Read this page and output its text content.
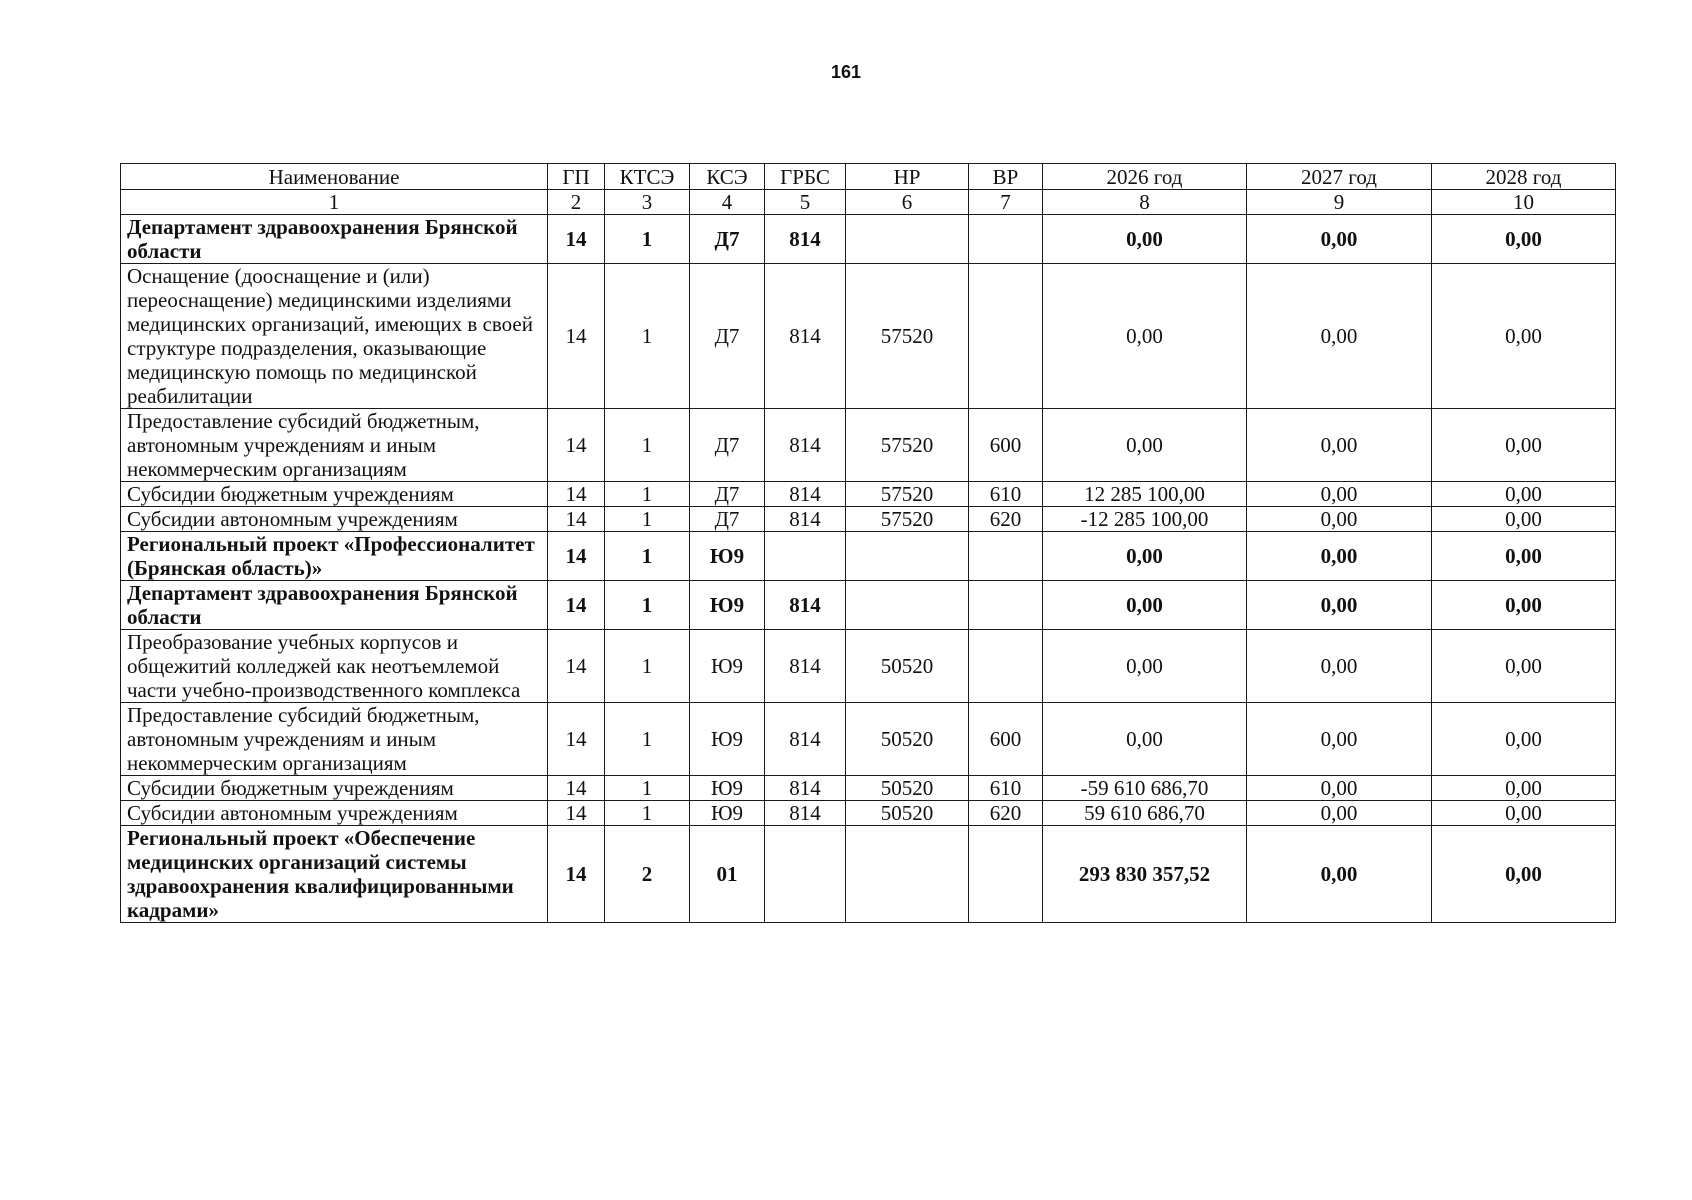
161
Наименование	ГП	КТСЭ	КСЭ	ГРБС	НР	ВР	2026 год	2027 год	2028 год
1	2	3	4	5	6	7	8	9	10
Департамент здравоохранения Брянской области	14	1	Д7	814			0,00	0,00	0,00
Оснащение (дооснащение и (или) переоснащение) медицинскими изделиями медицинских организаций, имеющих в своей структуре подразделения, оказывающие медицинскую помощь по медицинской реабилитации	14	1	Д7	814	57520		0,00	0,00	0,00
Предоставление субсидий бюджетным, автономным учреждениям и иным некоммерческим организациям	14	1	Д7	814	57520	600	0,00	0,00	0,00
Субсидии бюджетным учреждениям	14	1	Д7	814	57520	610	12 285 100,00	0,00	0,00
Субсидии автономным учреждениям	14	1	Д7	814	57520	620	-12 285 100,00	0,00	0,00
Региональный проект «Профессионалитет (Брянская область)»	14	1	Ю9				0,00	0,00	0,00
Департамент здравоохранения Брянской области	14	1	Ю9	814			0,00	0,00	0,00
Преобразование учебных корпусов и общежитий колледжей как неотъемлемой части учебно-производственного комплекса	14	1	Ю9	814	50520		0,00	0,00	0,00
Предоставление субсидий бюджетным, автономным учреждениям и иным некоммерческим организациям	14	1	Ю9	814	50520	600	0,00	0,00	0,00
Субсидии бюджетным учреждениям	14	1	Ю9	814	50520	610	-59 610 686,70	0,00	0,00
Субсидии автономным учреждениям	14	1	Ю9	814	50520	620	59 610 686,70	0,00	0,00
Региональный проект «Обеспечение медицинских организаций системы здравоохранения квалифицированными кадрами»	14	2	01				293 830 357,52	0,00	0,00
